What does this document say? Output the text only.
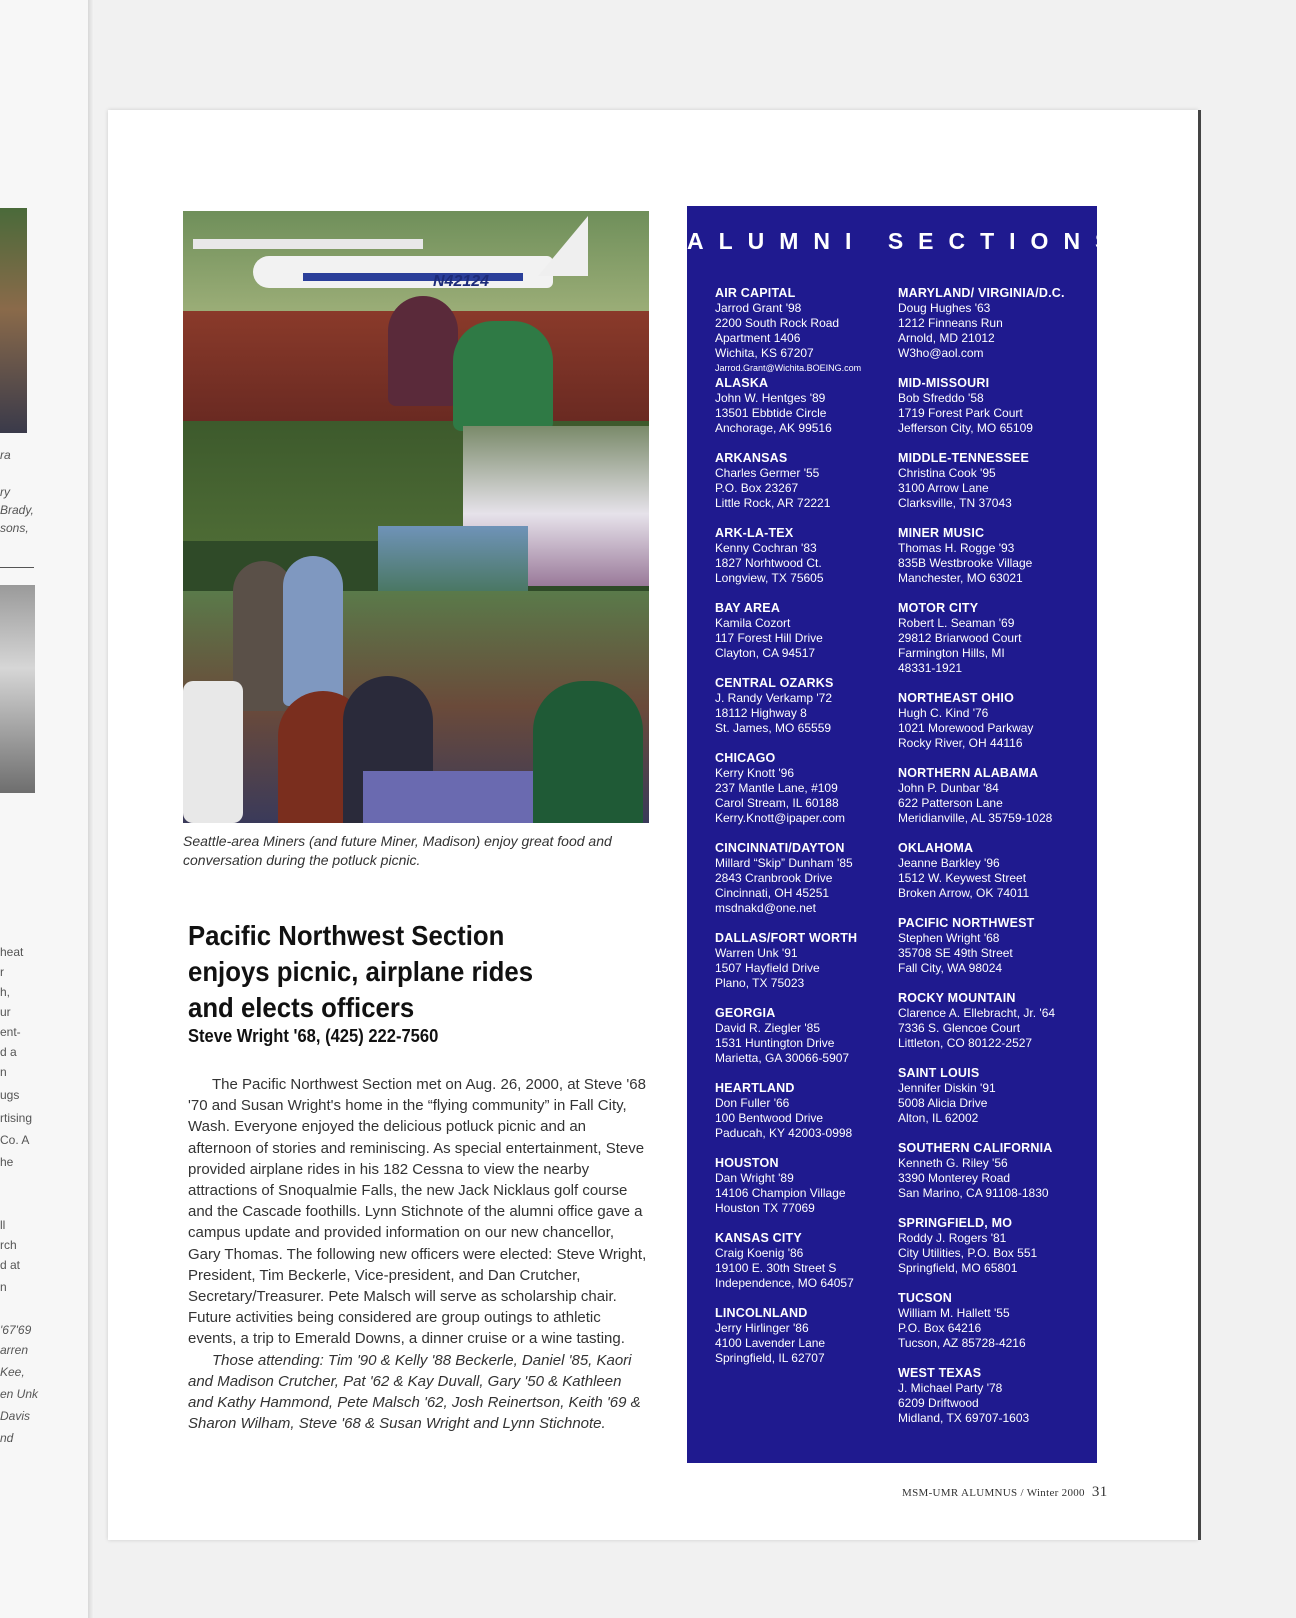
ra
ry
Brady,
sons,
heat
r
h,
ur
ent-
d a
n
ugs
rtising
Co. A
he
ll
rch
d at
n
'67'69
arren
Kee,
en Unk
Davis
nd
N42124

Seattle-area Miners (and future Miner, Madison) enjoy great food and conversation during the potluck picnic.

Pacific Northwest Section enjoys picnic, airplane rides and elects officers

Steve Wright '68, (425) 222-7560

The Pacific Northwest Section met on Aug. 26, 2000, at Steve '68 '70 and Susan Wright's home in the “flying community” in Fall City, Wash. Everyone enjoyed the delicious potluck picnic and an afternoon of stories and reminiscing. As special entertainment, Steve provided airplane rides in his 182 Cessna to view the nearby attractions of Snoqualmie Falls, the new Jack Nicklaus golf course and the Cascade foothills. Lynn Stichnote of the alumni office gave a campus update and provided information on our new chancellor, Gary Thomas. The following new officers were elected: Steve Wright, President, Tim Beckerle, Vice-president, and Dan Crutcher, Secretary/Treasurer. Pete Malsch will serve as scholarship chair. Future activities being considered are group outings to athletic events, a trip to Emerald Downs, a dinner cruise or a wine tasting.

Those attending: Tim '90 & Kelly '88 Beckerle, Daniel '85, Kaori and Madison Crutcher, Pat '62 & Kay Duvall, Gary '50 & Kathleen and Kathy Hammond, Pete Malsch '62, Josh Reinertson, Keith '69 & Sharon Wilham, Steve '68 & Susan Wright and Lynn Stichnote.

ALUMNI SECTIONS
AIR CAPITAL
Jarrod Grant '98
2200 South Rock Road
Apartment 1406
Wichita, KS 67207
Jarrod.Grant@Wichita.BOEING.com
ALASKA
John W. Hentges '89
13501 Ebbtide Circle
Anchorage, AK 99516
ARKANSAS
Charles Germer '55
P.O. Box 23267
Little Rock, AR 72221
ARK-LA-TEX
Kenny Cochran '83
1827 Norhtwood Ct.
Longview, TX 75605
BAY AREA
Kamila Cozort
117 Forest Hill Drive
Clayton, CA 94517
CENTRAL OZARKS
J. Randy Verkamp '72
18112 Highway 8
St. James, MO 65559
CHICAGO
Kerry Knott '96
237 Mantle Lane, #109
Carol Stream, IL 60188
Kerry.Knott@ipaper.com
CINCINNATI/DAYTON
Millard “Skip” Dunham '85
2843 Cranbrook Drive
Cincinnati, OH 45251
msdnakd@one.net
DALLAS/FORT WORTH
Warren Unk '91
1507 Hayfield Drive
Plano, TX 75023
GEORGIA
David R. Ziegler '85
1531 Huntington Drive
Marietta, GA 30066-5907
HEARTLAND
Don Fuller '66
100 Bentwood Drive
Paducah, KY 42003-0998
HOUSTON
Dan Wright '89
14106 Champion Village
Houston TX 77069
KANSAS CITY
Craig Koenig '86
19100 E. 30th Street S
Independence, MO 64057
LINCOLNLAND
Jerry Hirlinger '86
4100 Lavender Lane
Springfield, IL 62707
MARYLAND/ VIRGINIA/D.C.
Doug Hughes '63
1212 Finneans Run
Arnold, MD 21012
W3ho@aol.com
MID-MISSOURI
Bob Sfreddo '58
1719 Forest Park Court
Jefferson City, MO 65109
MIDDLE-TENNESSEE
Christina Cook '95
3100 Arrow Lane
Clarksville, TN 37043
MINER MUSIC
Thomas H. Rogge '93
835B Westbrooke Village
Manchester, MO 63021
MOTOR CITY
Robert L. Seaman '69
29812 Briarwood Court
Farmington Hills, MI
48331-1921
NORTHEAST OHIO
Hugh C. Kind '76
1021 Morewood Parkway
Rocky River, OH 44116
NORTHERN ALABAMA
John P. Dunbar '84
622 Patterson Lane
Meridianville, AL 35759-1028
OKLAHOMA
Jeanne Barkley '96
1512 W. Keywest Street
Broken Arrow, OK 74011
PACIFIC NORTHWEST
Stephen Wright '68
35708 SE 49th Street
Fall City, WA 98024
ROCKY MOUNTAIN
Clarence A. Ellebracht, Jr. '64
7336 S. Glencoe Court
Littleton, CO 80122-2527
SAINT LOUIS
Jennifer Diskin '91
5008 Alicia Drive
Alton, IL 62002
SOUTHERN CALIFORNIA
Kenneth G. Riley '56
3390 Monterey Road
San Marino, CA 91108-1830
SPRINGFIELD, MO
Roddy J. Rogers '81
City Utilities, P.O. Box 551
Springfield, MO 65801
TUCSON
William M. Hallett '55
P.O. Box 64216
Tucson, AZ 85728-4216
WEST TEXAS
J. Michael Party '78
6209 Driftwood
Midland, TX 69707-1603
MSM-UMR ALUMNUS / Winter 2000 31
